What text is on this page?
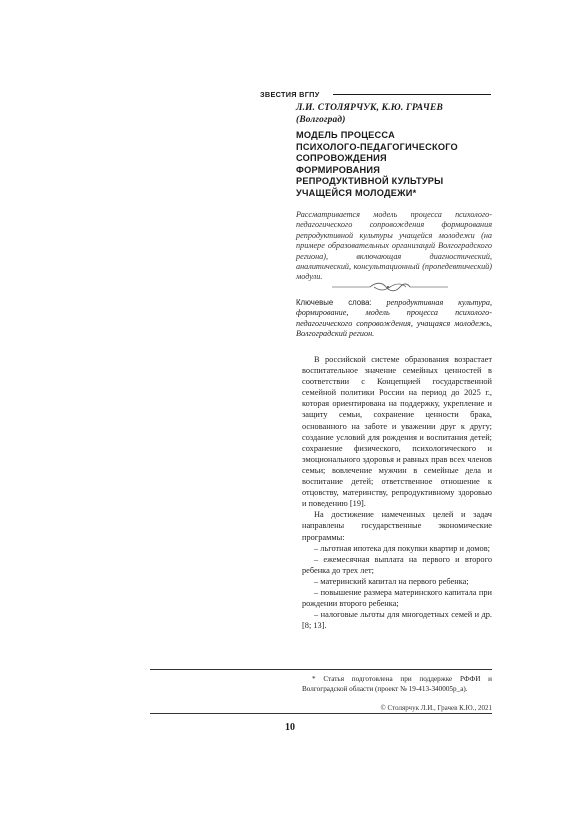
ЗВЕСТИЯ ВГПУ
Л.И. СТОЛЯРЧУК, К.Ю. ГРАЧЕВ
(Волгоград)
МОДЕЛЬ ПРОЦЕССА
ПСИХОЛОГО-ПЕДАГОГИЧЕСКОГО
СОПРОВОЖДЕНИЯ
ФОРМИРОВАНИЯ
РЕПРОДУКТИВНОЙ КУЛЬТУРЫ
УЧАЩЕЙСЯ МОЛОДЕЖИ*
Рассматривается модель процесса психолого-педагогического сопровождения формирования репродуктивной культуры учащейся молодежи (на примере образовательных организаций Волгоградского региона), включающая диагностический, аналитический, консультационный (пропедевтический) модули.
Ключевые слова: репродуктивная культура, формирование, модель процесса психолого-педагогического сопровождения, учащаяся молодежь, Волгоградский регион.

В российской системе образования возрастает воспитательное значение семейных ценностей в соответствии с Концепцией государственной семейной политики России на период до 2025 г., которая ориентирована на поддержку, укрепление и защиту семьи, сохранение ценности брака, основанного на заботе и уважении друг к другу; создание условий для рождения и воспитания детей; сохранение физического, психологического и эмоционального здоровья и равных прав всех членов семьи; вовлечение мужчин в семейные дела и воспитание детей; ответственное отношение к отцовству, материнству, репродуктивному здоровью и поведению [19].

На достижение намеченных целей и задач направлены государственные экономические программы:

– льготная ипотека для покупки квартир и домов;
– ежемесячная выплата на первого и второго ребенка до трех лет;
– материнский капитал на первого ребенка;
– повышение размера материнского капитала при рождении второго ребенка;
– налоговые льготы для многодетных семей и др. [8; 13].
* Статья подготовлена при поддержке РФФИ и Волгоградской области (проект № 19-413-340005р_а).
© Столярчук Л.И., Грачев К.Ю., 2021
10
